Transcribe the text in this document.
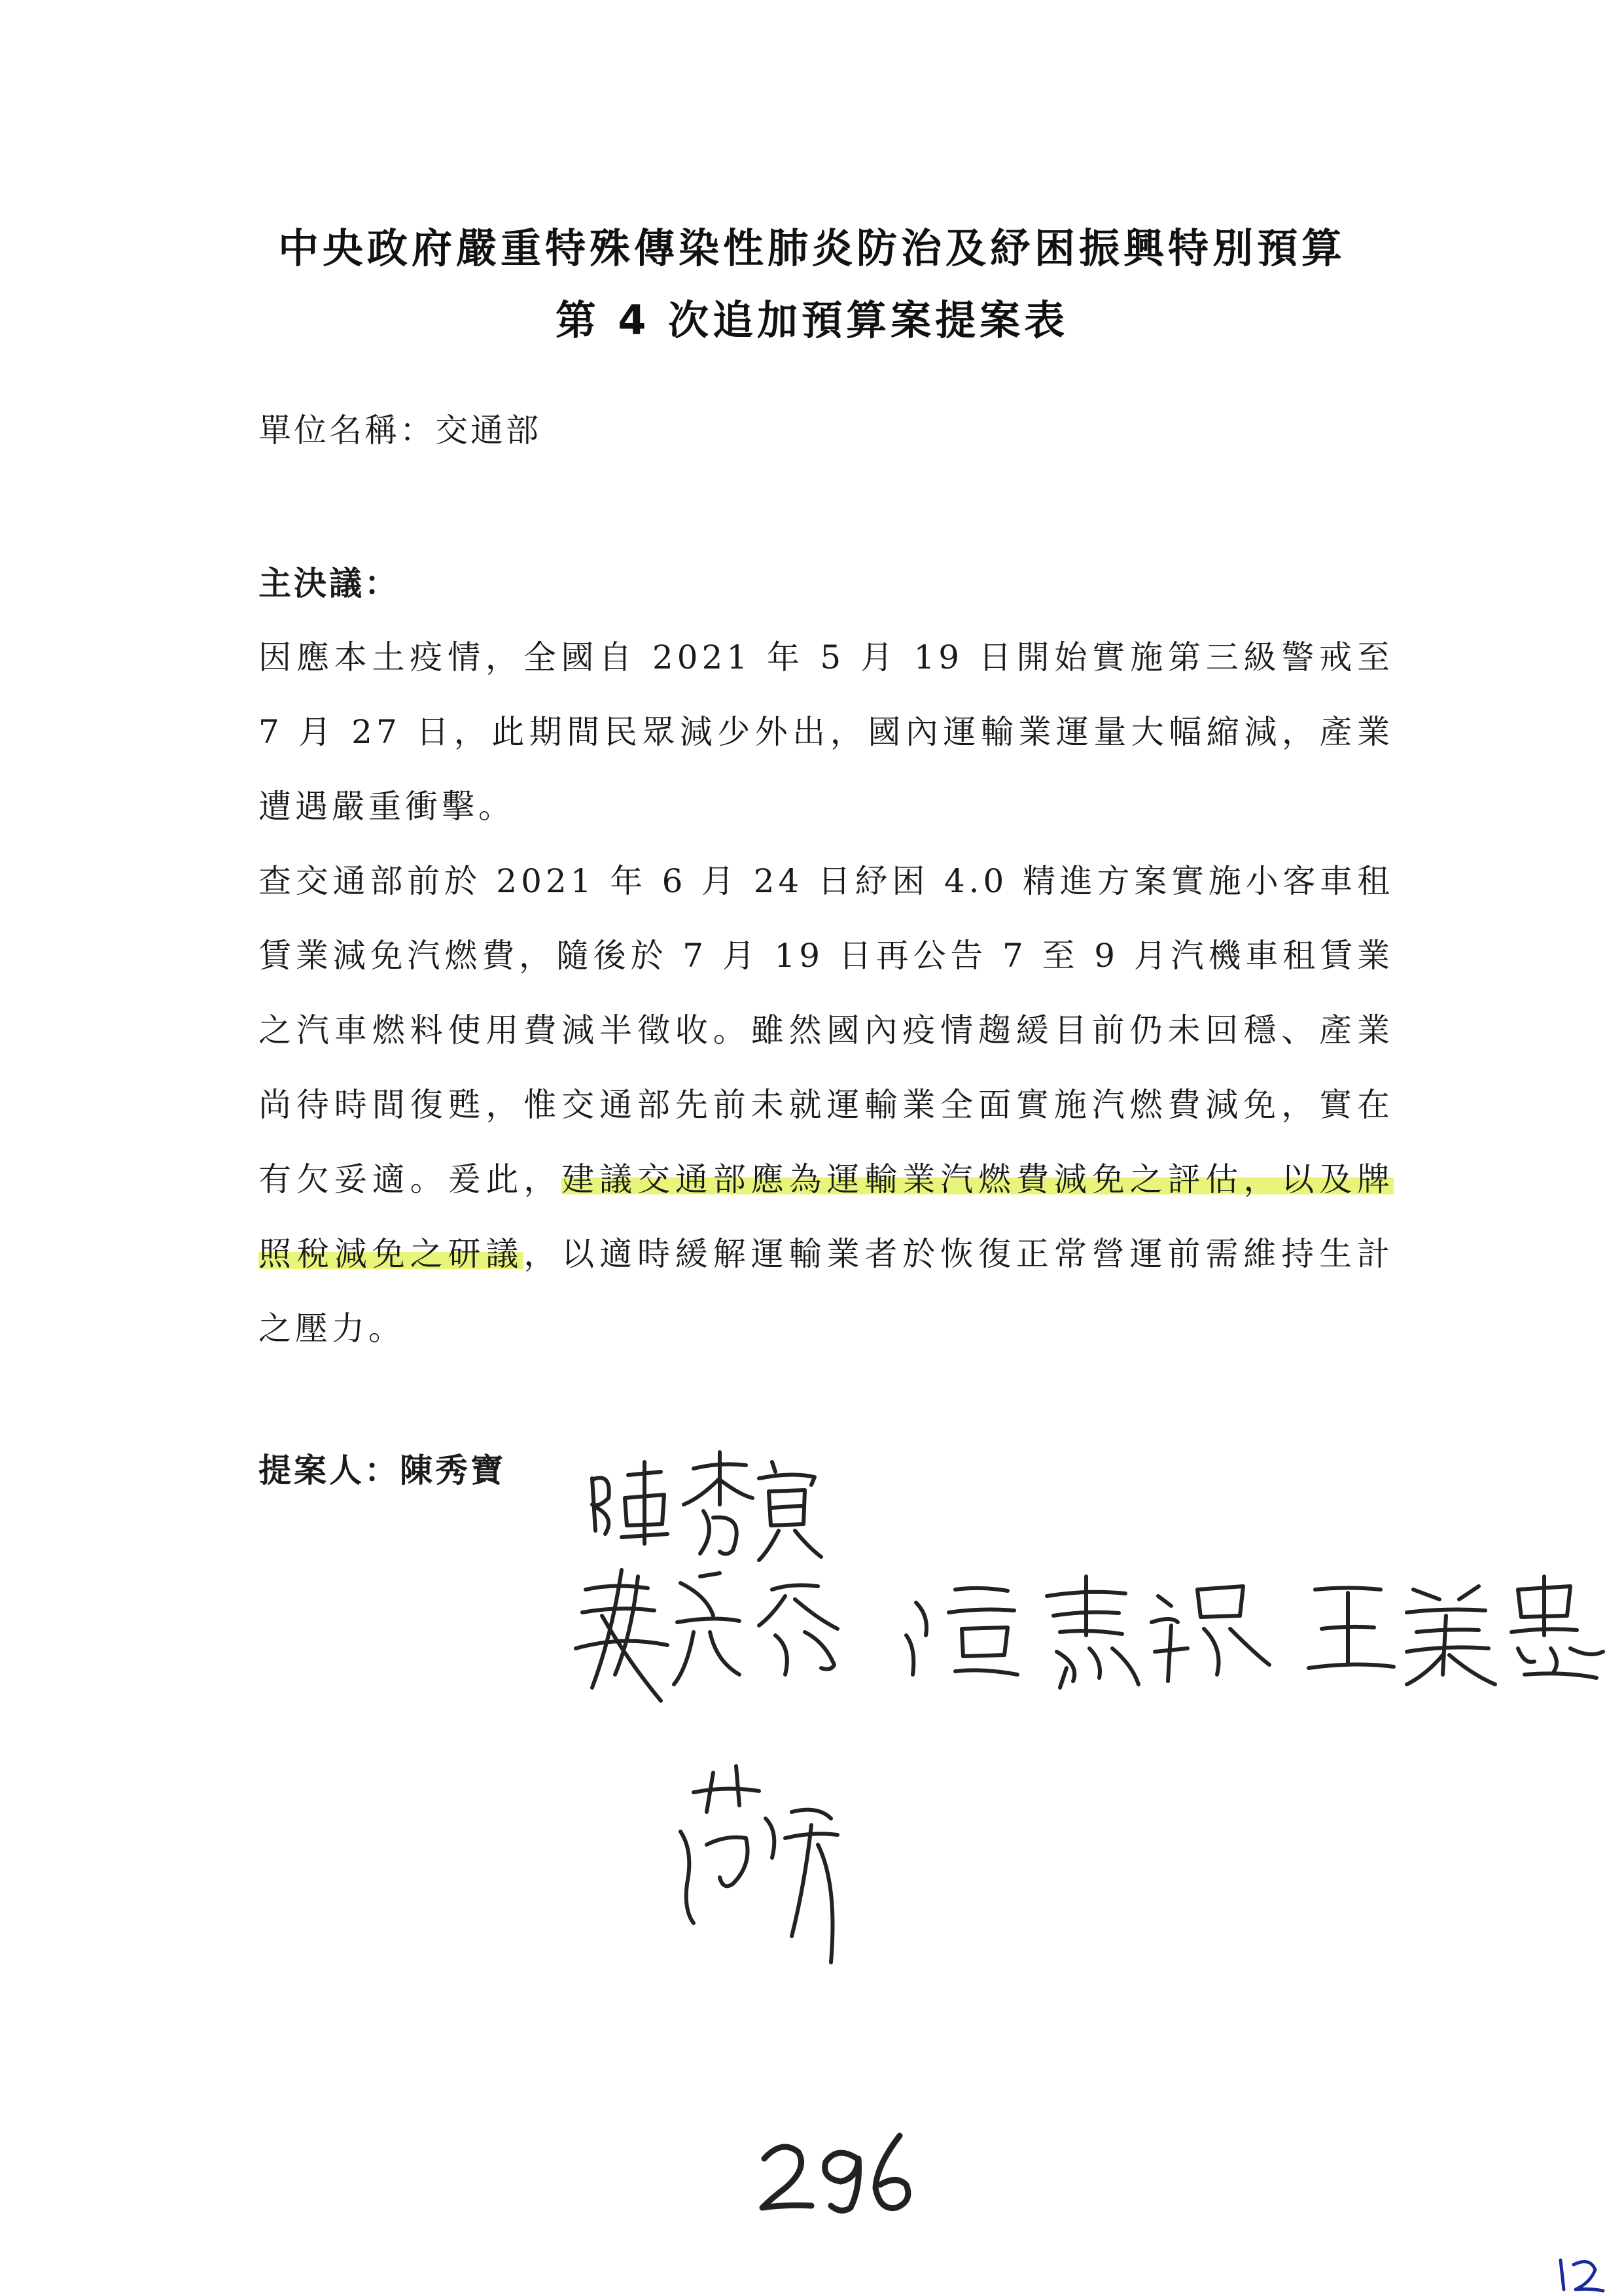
中央政府嚴重特殊傳染性肺炎防治及紓困振興特別預算
第 4 次追加預算案提案表
單位名稱：交通部
主決議：
因應本土疫情，全國自 2021 年 5 月 19 日開始實施第三級警戒至 7 月 27 日，此期間民眾減少外出，國內運輸業運量大幅縮減，產業遭遇嚴重衝擊。
查交通部前於 2021 年 6 月 24 日紓困 4.0 精進方案實施小客車租賃業減免汽燃費，隨後於 7 月 19 日再公告 7 至 9 月汽機車租賃業之汽車燃料使用費減半徵收。雖然國內疫情趨緩目前仍未回穩、產業尚待時間復甦，惟交通部先前未就運輸業全面實施汽燃費減免，實在有欠妥適。爰此，建議交通部應為運輸業汽燃費減免之評估，以及牌照稅減免之研議，以適時緩解運輸業者於恢復正常營運前需維持生計之壓力。
提案人：陳秀寶
